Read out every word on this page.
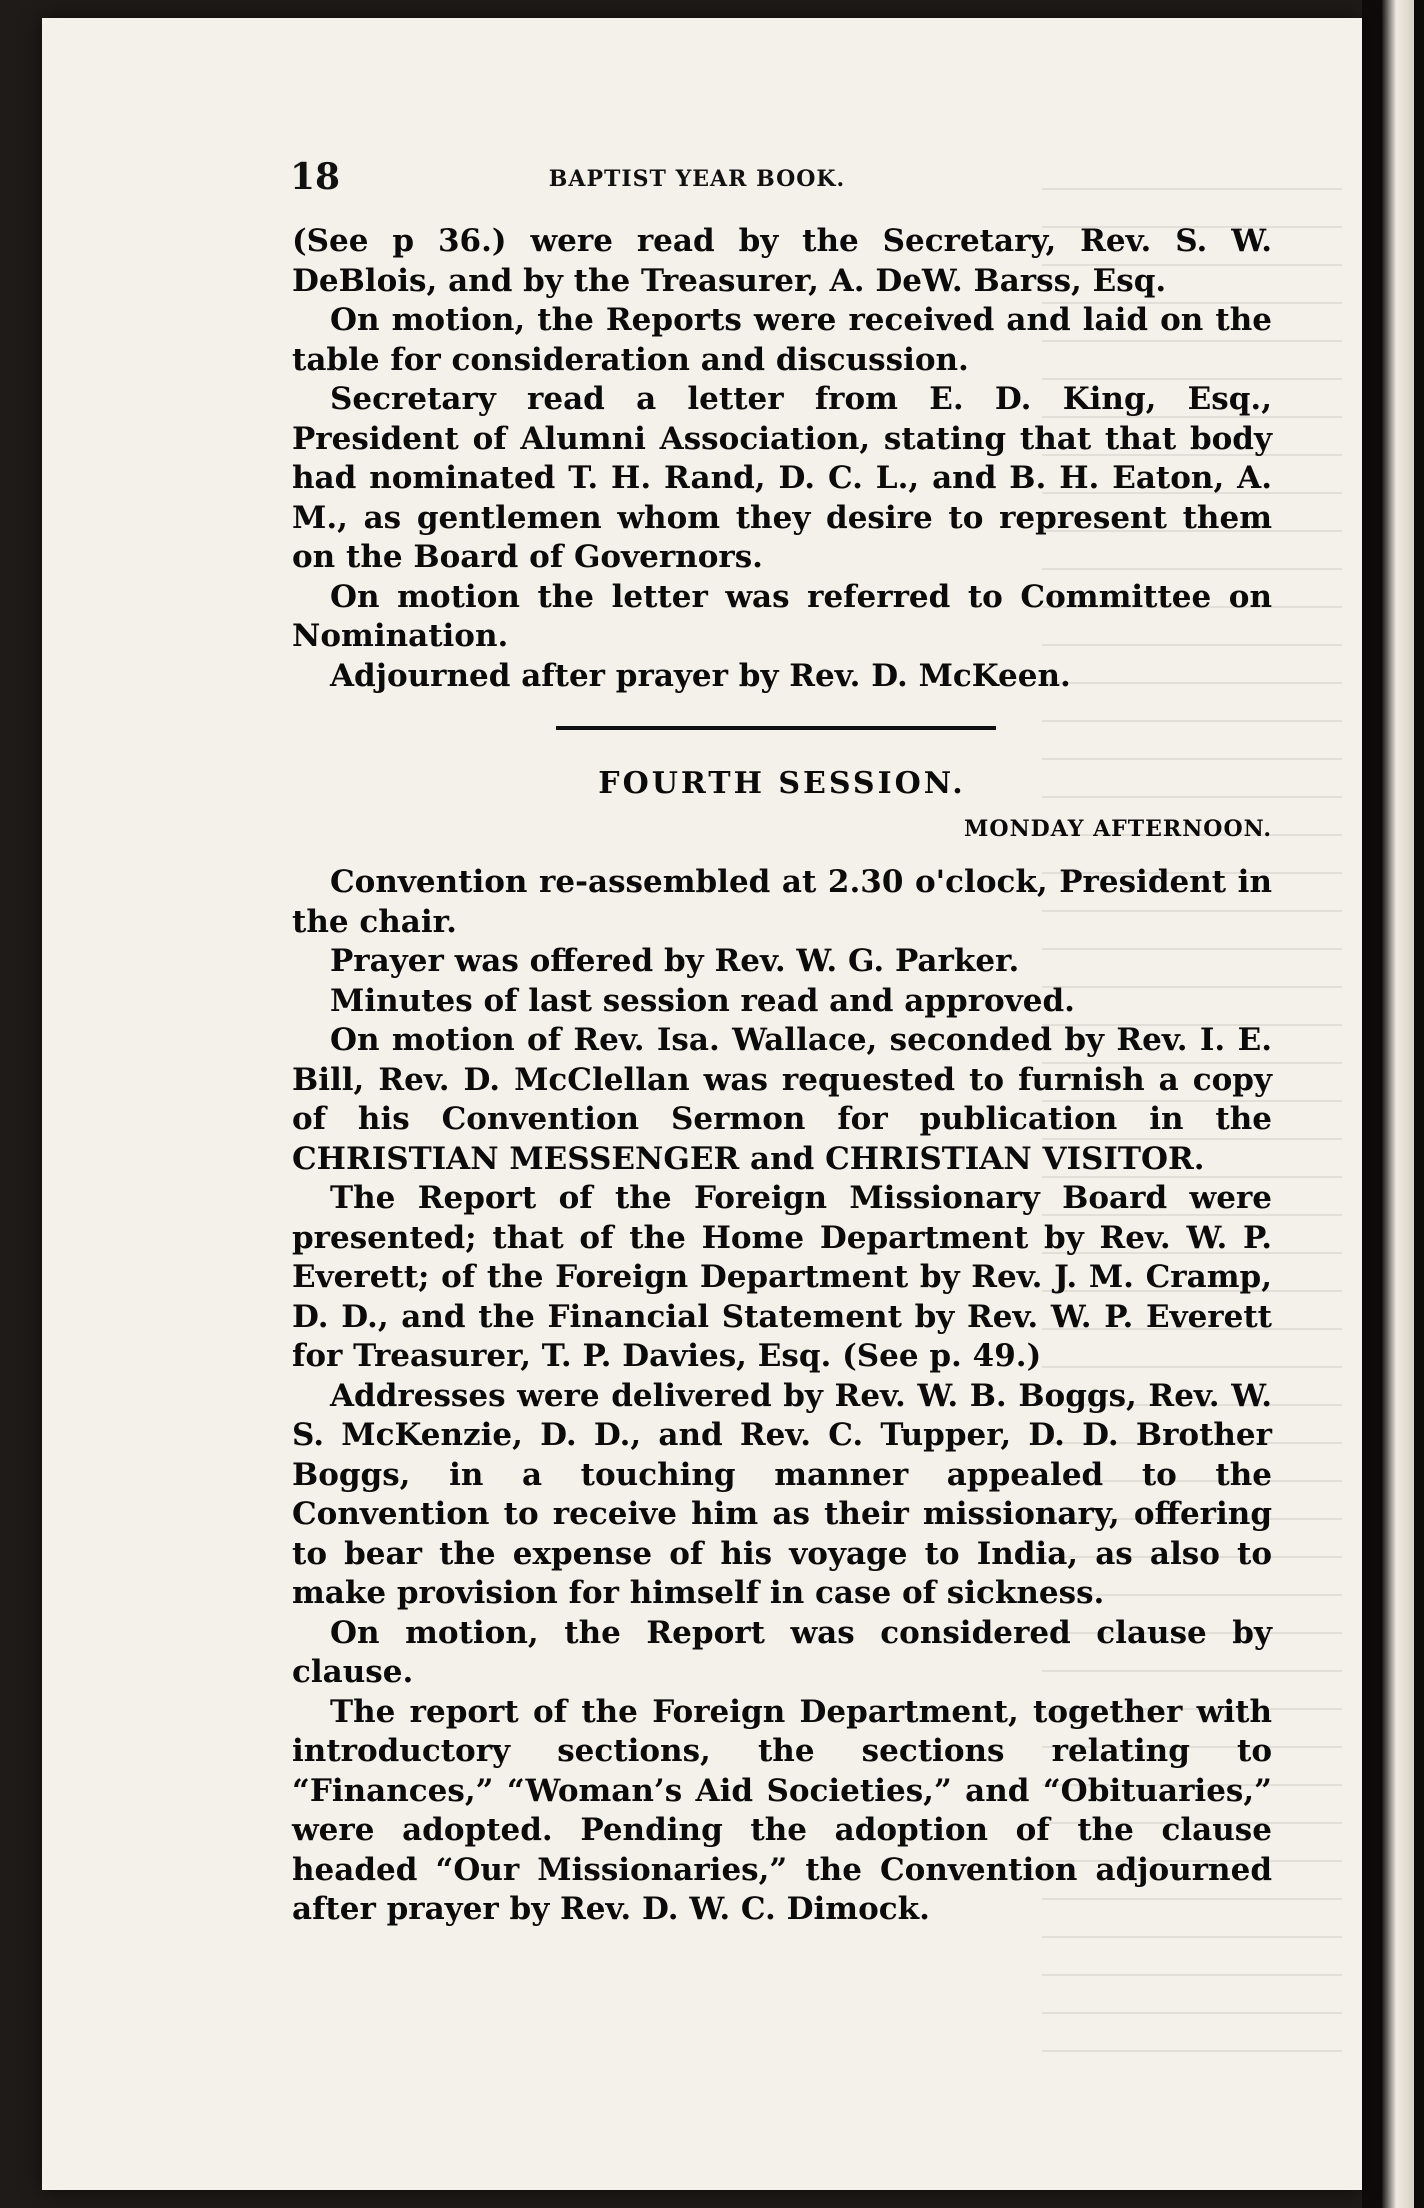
18	BAPTIST YEAR BOOK.

(See p 36.) were read by the Secretary, Rev. S. W. DeBlois, and by the Treasurer, A. DeW. Barss, Esq.

On motion, the Reports were received and laid on the table for consideration and discussion.

Secretary read a letter from E. D. King, Esq., President of Alumni Association, stating that that body had nominated T. H. Rand, D. C. L., and B. H. Eaton, A. M., as gentlemen whom they desire to represent them on the Board of Governors.

On motion the letter was referred to Committee on Nomination.

Adjourned after prayer by Rev. D. McKeen.

FOURTH SESSION.

MONDAY AFTERNOON.

Convention re-assembled at 2.30 o'clock, President in the chair.

Prayer was offered by Rev. W. G. Parker.

Minutes of last session read and approved.

On motion of Rev. Isa. Wallace, seconded by Rev. I. E. Bill, Rev. D. McClellan was requested to furnish a copy of his Convention Sermon for publication in the CHRISTIAN MESSENGER and CHRISTIAN VISITOR.

The Report of the Foreign Missionary Board were presented; that of the Home Department by Rev. W. P. Everett; of the Foreign Department by Rev. J. M. Cramp, D. D., and the Financial Statement by Rev. W. P. Everett for Treasurer, T. P. Davies, Esq. (See p. 49.)

Addresses were delivered by Rev. W. B. Boggs, Rev. W. S. McKenzie, D. D., and Rev. C. Tupper, D. D. Brother Boggs, in a touching manner appealed to the Convention to receive him as their missionary, offering to bear the expense of his voyage to India, as also to make provision for himself in case of sickness.

On motion, the Report was considered clause by clause.

The report of the Foreign Department, together with introductory sections, the sections relating to “Finances,” “Woman’s Aid Societies,” and “Obituaries,” were adopted. Pending the adoption of the clause headed “Our Missionaries,” the Convention adjourned after prayer by Rev. D. W. C. Dimock.
